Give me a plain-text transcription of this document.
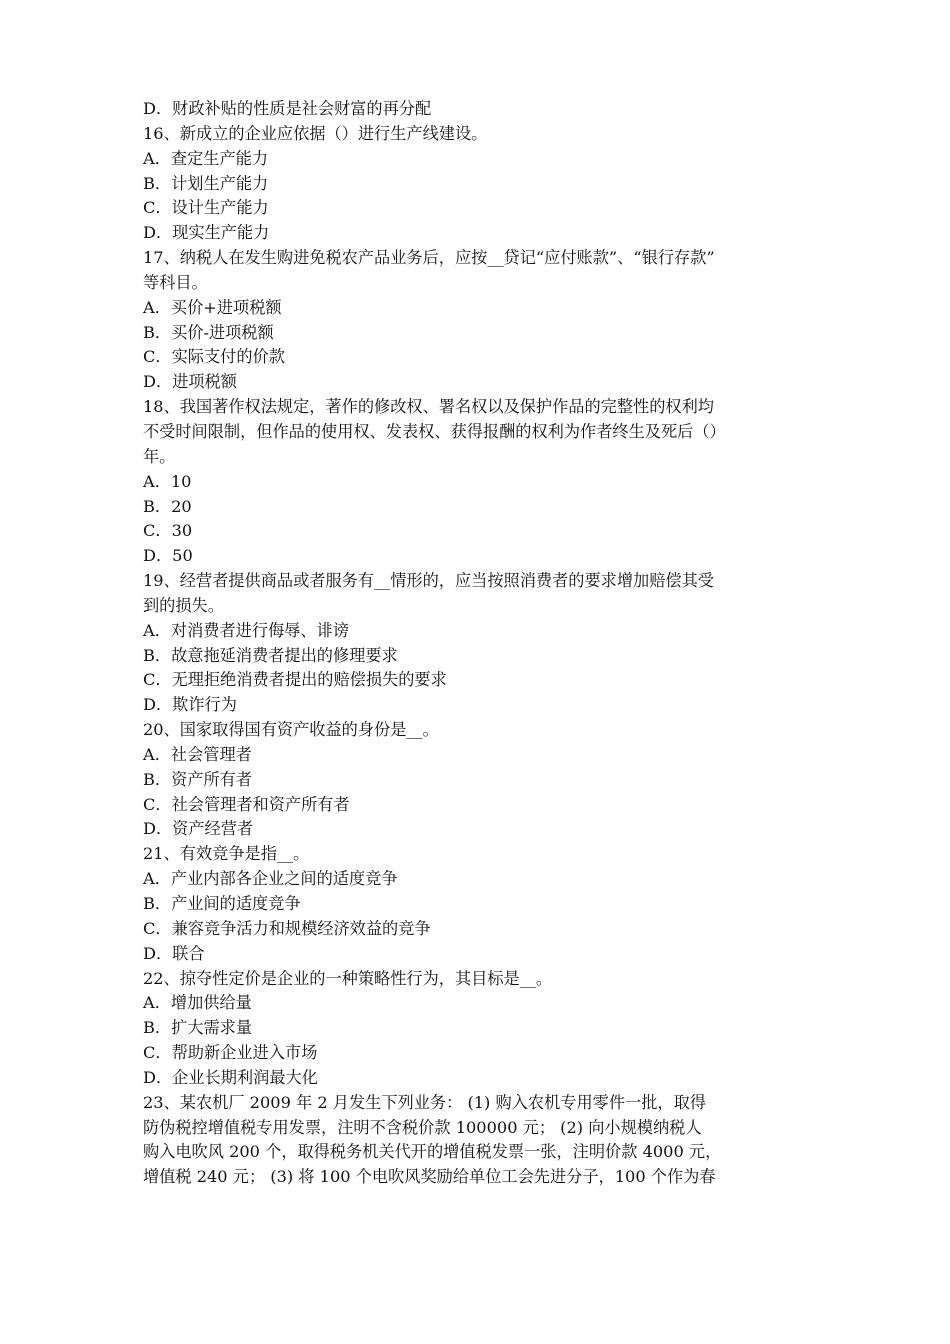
D．财政补贴的性质是社会财富的再分配
16、新成立的企业应依据（）进行生产线建设。
A．查定生产能力
B．计划生产能力
C．设计生产能力
D．现实生产能力
17、纳税人在发生购进免税农产品业务后，应按__贷记“应付账款”、“银行存款”
等科目。
A．买价+进项税额
B．买价-进项税额
C．实际支付的价款
D．进项税额
18、我国著作权法规定，著作的修改权、署名权以及保护作品的完整性的权利均
不受时间限制，但作品的使用权、发表权、获得报酬的权利为作者终生及死后（）
年。
A．10
B．20
C．30
D．50
19、经营者提供商品或者服务有__情形的，应当按照消费者的要求增加赔偿其受
到的损失。
A．对消费者进行侮辱、诽谤
B．故意拖延消费者提出的修理要求
C．无理拒绝消费者提出的赔偿损失的要求
D．欺诈行为
20、国家取得国有资产收益的身份是__。
A．社会管理者
B．资产所有者
C．社会管理者和资产所有者
D．资产经营者
21、有效竞争是指__。
A．产业内部各企业之间的适度竞争
B．产业间的适度竞争
C．兼容竞争活力和规模经济效益的竞争
D．联合
22、掠夺性定价是企业的一种策略性行为，其目标是__。
A．增加供给量
B．扩大需求量
C．帮助新企业进入市场
D．企业长期利润最大化
23、某农机厂 2009 年 2 月发生下列业务： (1) 购入农机专用零件一批，取得
防伪税控增值税专用发票，注明不含税价款 100000 元； (2) 向小规模纳税人
购入电吹风 200 个，取得税务机关代开的增值税发票一张，注明价款 4000 元，
增值税 240 元； (3) 将 100 个电吹风奖励给单位工会先进分子，100 个作为春
